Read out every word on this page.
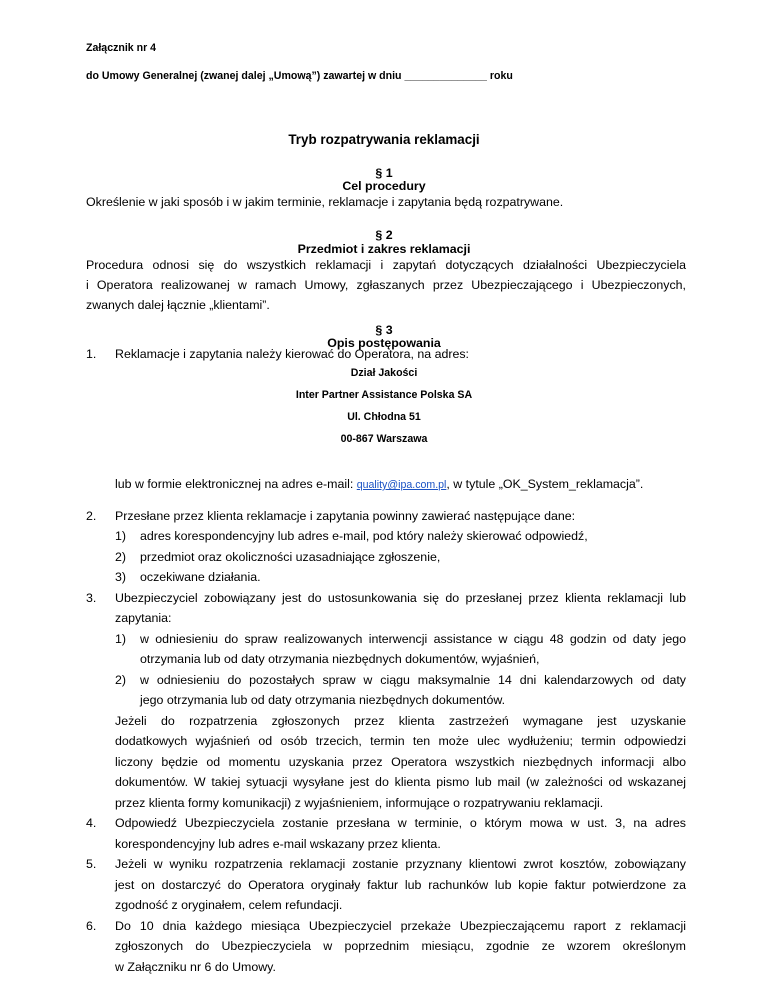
Załącznik nr 4
do Umowy Generalnej (zwanej dalej „Umową”) zawartej w dniu ______________ roku
Tryb rozpatrywania reklamacji
§ 1
Cel procedury
Określenie w jaki sposób i w jakim terminie, reklamacje i zapytania będą rozpatrywane.
§ 2
Przedmiot i zakres reklamacji
Procedura odnosi się do wszystkich reklamacji i zapytań dotyczących działalności Ubezpieczyciela
i Operatora realizowanej w ramach Umowy, zgłaszanych przez Ubezpieczającego i Ubezpieczonych,
zwanych dalej łącznie „klientami”.
§ 3
Opis postępowania
1. Reklamacje i zapytania należy kierować do Operatora, na adres:
Dział Jakości
Inter Partner Assistance Polska SA
Ul. Chłodna 51
00-867 Warszawa
lub w formie elektronicznej na adres e-mail: quality@ipa.com.pl, w tytule „OK_System_reklamacja”.
2. Przesłane przez klienta reklamacje i zapytania powinny zawierać następujące dane:
1) adres korespondencyjny lub adres e-mail, pod który należy skierować odpowiedź,
2) przedmiot oraz okoliczności uzasadniające zgłoszenie,
3) oczekiwane działania.
3. Ubezpieczyciel zobowiązany jest do ustosunkowania się do przesłanej przez klienta reklamacji lub
zapytania:
1) w odniesieniu do spraw realizowanych interwencji assistance w ciągu 48 godzin od daty jego
otrzymania lub od daty otrzymania niezbędnych dokumentów, wyjaśnień,
2) w odniesieniu do pozostałych spraw w ciągu maksymalnie 14 dni kalendarzowych od daty
jego otrzymania lub od daty otrzymania niezbędnych dokumentów.
Jeżeli do rozpatrzenia zgłoszonych przez klienta zastrzeżeń wymagane jest uzyskanie
dodatkowych wyjaśnień od osób trzecich, termin ten może ulec wydłużeniu; termin odpowiedzi
liczony będzie od momentu uzyskania przez Operatora wszystkich niezbędnych informacji albo
dokumentów. W takiej sytuacji wysyłane jest do klienta pismo lub mail (w zależności od wskazanej
przez klienta formy komunikacji) z wyjaśnieniem, informujące o rozpatrywaniu reklamacji.
4. Odpowiedź Ubezpieczyciela zostanie przesłana w terminie, o którym mowa w ust. 3, na adres
korespondencyjny lub adres e-mail wskazany przez klienta.
5. Jeżeli w wyniku rozpatrzenia reklamacji zostanie przyznany klientowi zwrot kosztów, zobowiązany
jest on dostarczyć do Operatora oryginały faktur lub rachunków lub kopie faktur potwierdzone za
zgodność z oryginałem, celem refundacji.
6. Do 10 dnia każdego miesiąca Ubezpieczyciel przekaże Ubezpieczającemu raport z reklamacji
zgłoszonych do Ubezpieczyciela w poprzednim miesiącu, zgodnie ze wzorem określonym
w Załączniku nr 6 do Umowy.
